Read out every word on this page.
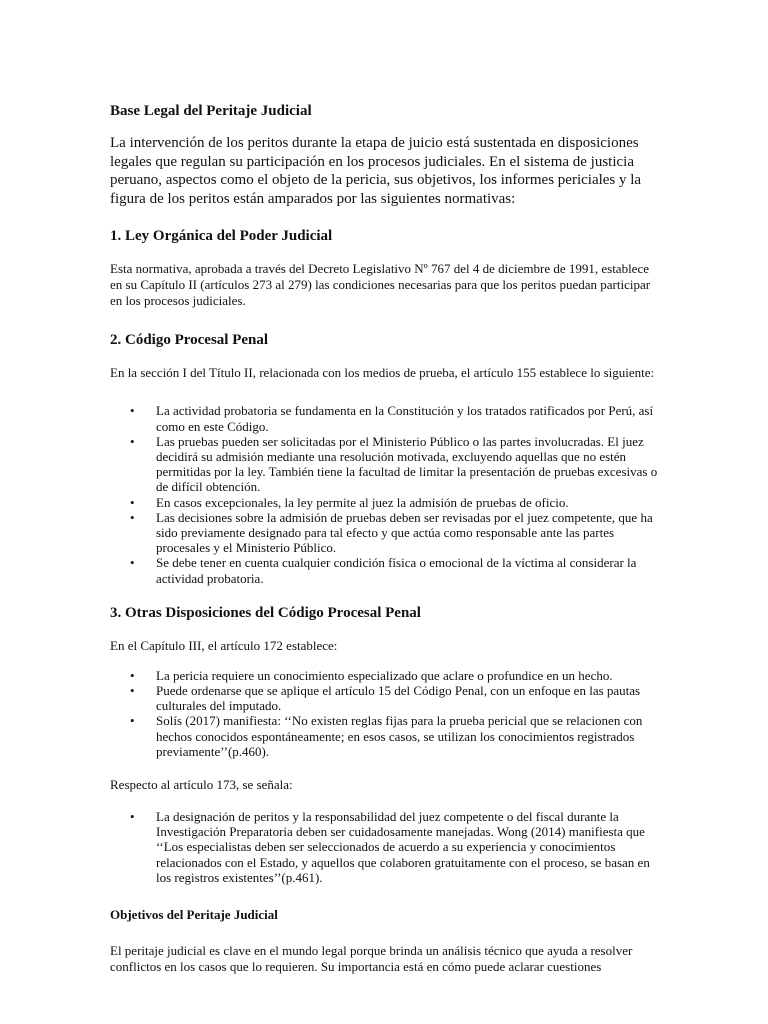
Base Legal del Peritaje Judicial

La intervención de los peritos durante la etapa de juicio está sustentada en disposiciones legales que regulan su participación en los procesos judiciales. En el sistema de justicia peruano, aspectos como el objeto de la pericia, sus objetivos, los informes periciales y la figura de los peritos están amparados por las siguientes normativas:

1. Ley Orgánica del Poder Judicial

Esta normativa, aprobada a través del Decreto Legislativo Nº 767 del 4 de diciembre de 1991, establece en su Capítulo II (artículos 273 al 279) las condiciones necesarias para que los peritos puedan participar en los procesos judiciales.

2. Código Procesal Penal

En la sección I del Título II, relacionada con los medios de prueba, el artículo 155 establece lo siguiente:

• La actividad probatoria se fundamenta en la Constitución y los tratados ratificados por Perú, así como en este Código.
• Las pruebas pueden ser solicitadas por el Ministerio Público o las partes involucradas. El juez decidirá su admisión mediante una resolución motivada, excluyendo aquellas que no estén permitidas por la ley. También tiene la facultad de limitar la presentación de pruebas excesivas o de difícil obtención.
• En casos excepcionales, la ley permite al juez la admisión de pruebas de oficio.
• Las decisiones sobre la admisión de pruebas deben ser revisadas por el juez competente, que ha sido previamente designado para tal efecto y que actúa como responsable ante las partes procesales y el Ministerio Público.
• Se debe tener en cuenta cualquier condición física o emocional de la víctima al considerar la actividad probatoria.
3. Otras Disposiciones del Código Procesal Penal

En el Capítulo III, el artículo 172 establece:

• La pericia requiere un conocimiento especializado que aclare o profundice en un hecho.
• Puede ordenarse que se aplique el artículo 15 del Código Penal, con un enfoque en las pautas culturales del imputado.
• Solís (2017) manifiesta: ‘‘No existen reglas fijas para la prueba pericial que se relacionen con hechos conocidos espontáneamente; en esos casos, se utilizan los conocimientos registrados previamente’’(p.460).

Respecto al artículo 173, se señala:

• La designación de peritos y la responsabilidad del juez competente o del fiscal durante la Investigación Preparatoria deben ser cuidadosamente manejadas. Wong (2014) manifiesta que ‘‘Los especialistas deben ser seleccionados de acuerdo a su experiencia y conocimientos relacionados con el Estado, y aquellos que colaboren gratuitamente con el proceso, se basan en los registros existentes’’(p.461).
Objetivos del Peritaje Judicial

El peritaje judicial es clave en el mundo legal porque brinda un análisis técnico que ayuda a resolver conflictos en los casos que lo requieren. Su importancia está en cómo puede aclarar cuestiones
